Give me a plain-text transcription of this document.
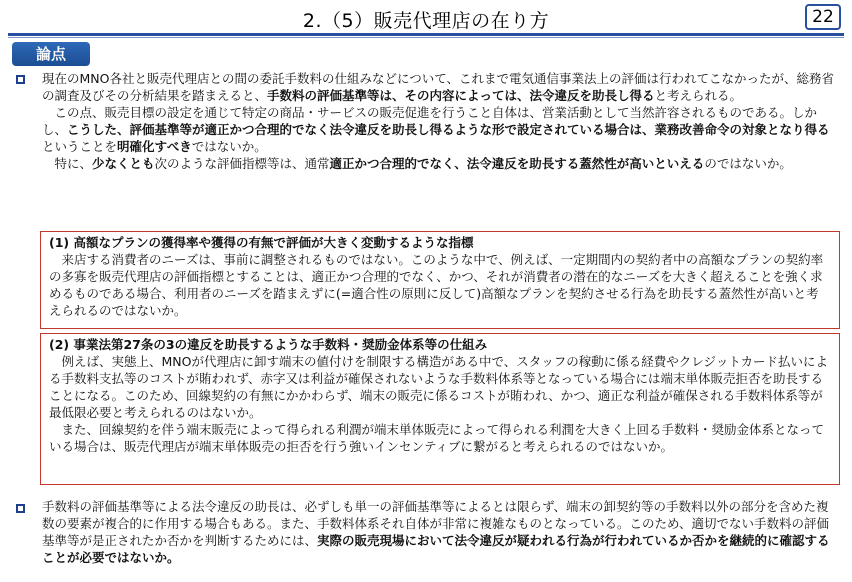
2.（5）販売代理店の在り方	22
論点
現在のMNO各社と販売代理店との間の委託手数料の仕組みなどについて、これまで電気通信事業法上の評価は行われてこなかったが、総務省の調査及びその分析結果を踏まえると、手数料の評価基準等は、その内容によっては、法令違反を助長し得ると考えられる。
この点、販売目標の設定を通じて特定の商品・サービスの販売促進を行うこと自体は、営業活動として当然許容されるものである。しかし、こうした、評価基準等が適正かつ合理的でなく法令違反を助長し得るような形で設定されている場合は、業務改善命令の対象となり得るということを明確化すべきではないか。
特に、少なくとも次のような評価指標等は、通常適正かつ合理的でなく、法令違反を助長する蓋然性が高いといえるのではないか。
(1) 高額なプランの獲得率や獲得の有無で評価が大きく変動するような指標
来店する消費者のニーズは、事前に調整されるものではない。このような中で、例えば、一定期間内の契約者中の高額なプランの契約率の多寡を販売代理店の評価指標とすることは、適正かつ合理的でなく、かつ、それが消費者の潜在的なニーズを大きく超えることを強く求めるものである場合、利用者のニーズを踏まえずに(=適合性の原則に反して)高額なプランを契約させる行為を助長する蓋然性が高いと考えられるのではないか。
(2) 事業法第27条の3の違反を助長するような手数料・奨励金体系等の仕組み
例えば、実態上、MNOが代理店に卸す端末の値付けを制限する構造がある中で、スタッフの稼動に係る経費やクレジットカード払いによる手数料支払等のコストが賄われず、赤字又は利益が確保されないような手数料体系等となっている場合には端末単体販売拒否を助長することになる。このため、回線契約の有無にかかわらず、端末の販売に係るコストが賄われ、かつ、適正な利益が確保される手数料体系等が最低限必要と考えられるのはないか。
また、回線契約を伴う端末販売によって得られる利潤が端末単体販売によって得られる利潤を大きく上回る手数料・奨励金体系となっている場合は、販売代理店が端末単体販売の拒否を行う強いインセンティブに繋がると考えられるのではないか。
手数料の評価基準等による法令違反の助長は、必ずしも単一の評価基準等によるとは限らず、端末の卸契約等の手数料以外の部分を含めた複数の要素が複合的に作用する場合もある。また、手数料体系それ自体が非常に複雑なものとなっている。このため、適切でない手数料の評価基準等が是正されたか否かを判断するためには、実際の販売現場において法令違反が疑われる行為が行われているか否かを継続的に確認することが必要ではないか。
